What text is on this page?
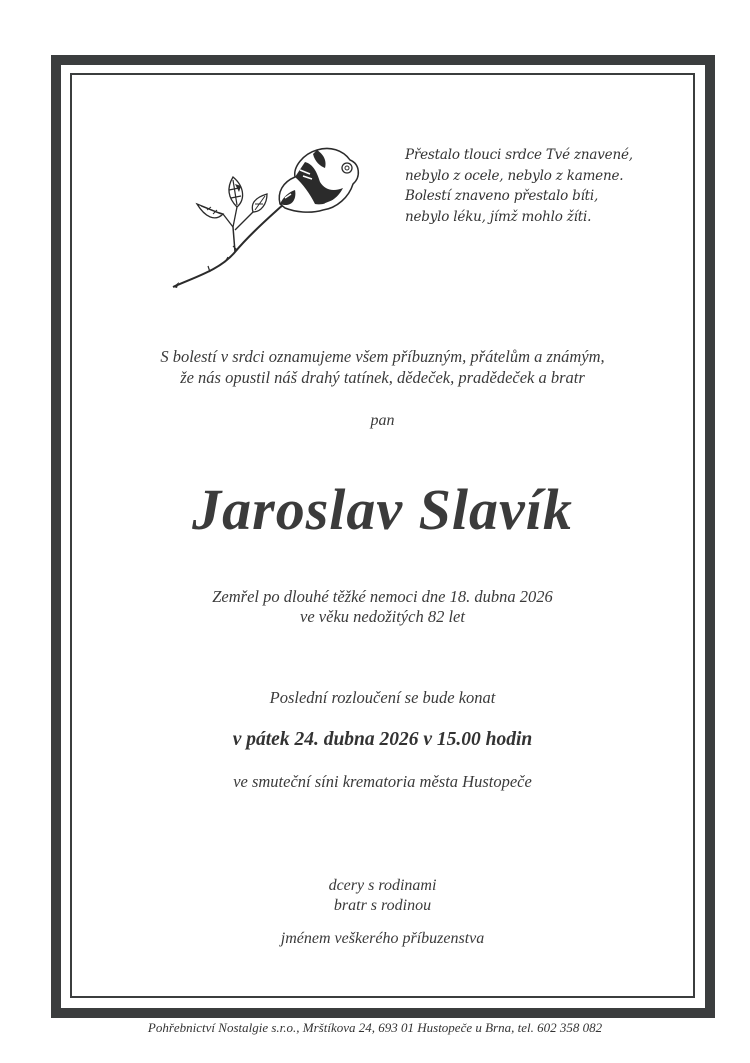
Přestalo tlouci srdce Tvé znavené,
nebylo z ocele, nebylo z kamene.
Bolestí znaveno přestalo bíti,
nebylo léku, jímž mohlo žíti.
S bolestí v srdci oznamujeme všem příbuzným, přátelům a známým,
že nás opustil náš drahý tatínek, dědeček, pradědeček a bratr
pan
Jaroslav Slavík
Zemřel po dlouhé těžké nemoci dne 18. dubna 2026
ve věku nedožitých 82 let
Poslední rozloučení se bude konat
v pátek 24. dubna 2026 v 15.00 hodin
ve smuteční síni krematoria města Hustopeče
dcery s rodinami
bratr s rodinou
jménem veškerého příbuzenstva
Pohřebnictví Nostalgie s.r.o., Mrštíkova 24, 693 01 Hustopeče u Brna, tel. 602 358 082
